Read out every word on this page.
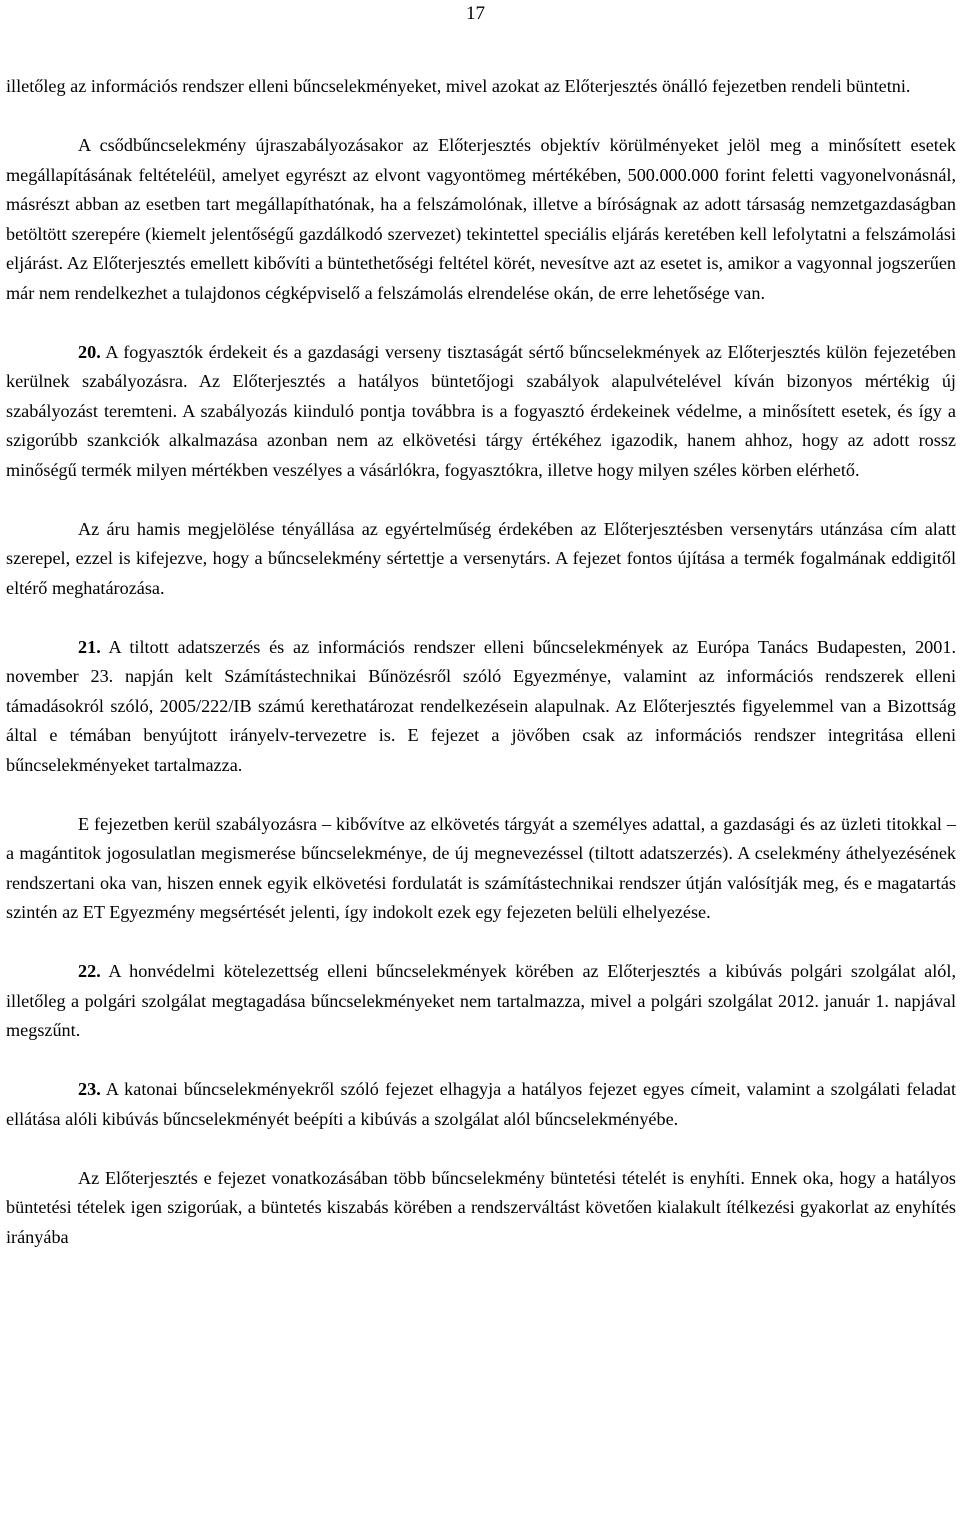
17

illetőleg az információs rendszer elleni bűncselekményeket, mivel azokat az Előterjesztés önálló fejezetben rendeli büntetni.

A csődbűncselekmény újraszabályozásakor az Előterjesztés objektív körülményeket jelöl meg a minősített esetek megállapításának feltételéül, amelyet egyrészt az elvont vagyontömeg mértékében, 500.000.000 forint feletti vagyonelvonásnál, másrészt abban az esetben tart megállapíthatónak, ha a felszámolónak, illetve a bíróságnak az adott társaság nemzetgazdaságban betöltött szerepére (kiemelt jelentőségű gazdálkodó szervezet) tekintettel speciális eljárás keretében kell lefolytatni a felszámolási eljárást. Az Előterjesztés emellett kibővíti a büntethetőségi feltétel körét, nevesítve azt az esetet is, amikor a vagyonnal jogszerűen már nem rendelkezhet a tulajdonos cégképviselő a felszámolás elrendelése okán, de erre lehetősége van.

20. A fogyasztók érdekeit és a gazdasági verseny tisztaságát sértő bűncselekmények az Előterjesztés külön fejezetében kerülnek szabályozásra. Az Előterjesztés a hatályos büntetőjogi szabályok alapulvételével kíván bizonyos mértékig új szabályozást teremteni. A szabályozás kiinduló pontja továbbra is a fogyasztó érdekeinek védelme, a minősített esetek, és így a szigorúbb szankciók alkalmazása azonban nem az elkövetési tárgy értékéhez igazodik, hanem ahhoz, hogy az adott rossz minőségű termék milyen mértékben veszélyes a vásárlókra, fogyasztókra, illetve hogy milyen széles körben elérhető.

Az áru hamis megjelölése tényállása az egyértelműség érdekében az Előterjesztésben versenytárs utánzása cím alatt szerepel, ezzel is kifejezve, hogy a bűncselekmény sértettje a versenytárs. A fejezet fontos újítása a termék fogalmának eddigitől eltérő meghatározása.

21. A tiltott adatszerzés és az információs rendszer elleni bűncselekmények az Európa Tanács Budapesten, 2001. november 23. napján kelt Számítástechnikai Bűnözésről szóló Egyezménye, valamint az információs rendszerek elleni támadásokról szóló, 2005/222/IB számú kerethatározat rendelkezésein alapulnak. Az Előterjesztés figyelemmel van a Bizottság által e témában benyújtott irányelv-tervezetre is. E fejezet a jövőben csak az információs rendszer integritása elleni bűncselekményeket tartalmazza.

E fejezetben kerül szabályozásra – kibővítve az elkövetés tárgyát a személyes adattal, a gazdasági és az üzleti titokkal – a magántitok jogosulatlan megismerése bűncselekménye, de új megnevezéssel (tiltott adatszerzés). A cselekmény áthelyezésének rendszertani oka van, hiszen ennek egyik elkövetési fordulatát is számítástechnikai rendszer útján valósítják meg, és e magatartás szintén az ET Egyezmény megsértését jelenti, így indokolt ezek egy fejezeten belüli elhelyezése.

22. A honvédelmi kötelezettség elleni bűncselekmények körében az Előterjesztés a kibúvás polgári szolgálat alól, illetőleg a polgári szolgálat megtagadása bűncselekményeket nem tartalmazza, mivel a polgári szolgálat 2012. január 1. napjával megszűnt.

23. A katonai bűncselekményekről szóló fejezet elhagyja a hatályos fejezet egyes címeit, valamint a szolgálati feladat ellátása alóli kibúvás bűncselekményét beépíti a kibúvás a szolgálat alól bűncselekményébe.

Az Előterjesztés e fejezet vonatkozásában több bűncselekmény büntetési tételét is enyhíti. Ennek oka, hogy a hatályos büntetési tételek igen szigorúak, a büntetés kiszabás körében a rendszerváltást követően kialakult ítélkezési gyakorlat az enyhítés irányába
